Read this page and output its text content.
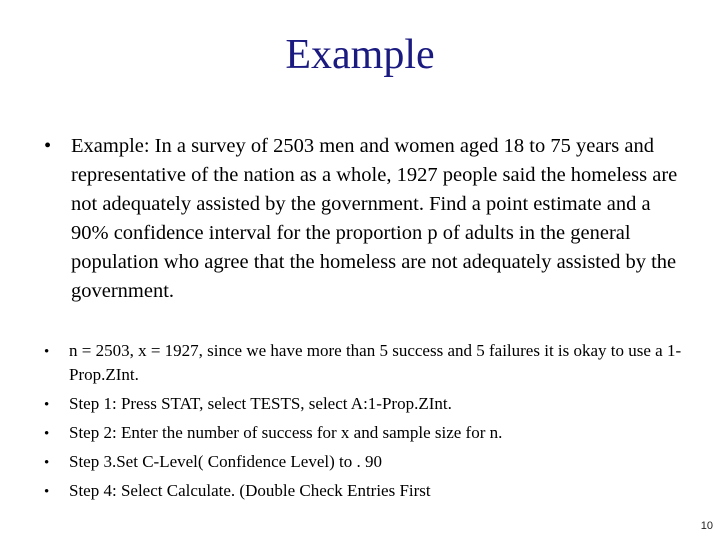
Example
• Example: In a survey of 2503 men and women aged 18 to 75 years and representative of the nation as a whole, 1927 people said the homeless are not adequately assisted by the government. Find a point estimate and a 90% confidence interval for the proportion p of adults in the general population who agree that the homeless are not adequately assisted by the government.
• n = 2503, x = 1927, since we have more than 5 success and 5 failures it is okay to use a 1-Prop.ZInt.
• Step 1: Press STAT, select TESTS, select A:1-Prop.ZInt.
• Step 2: Enter the number of success for x and sample size for n.
• Step 3.Set C-Level( Confidence Level) to . 90
• Step 4: Select Calculate. (Double Check Entries First
10
